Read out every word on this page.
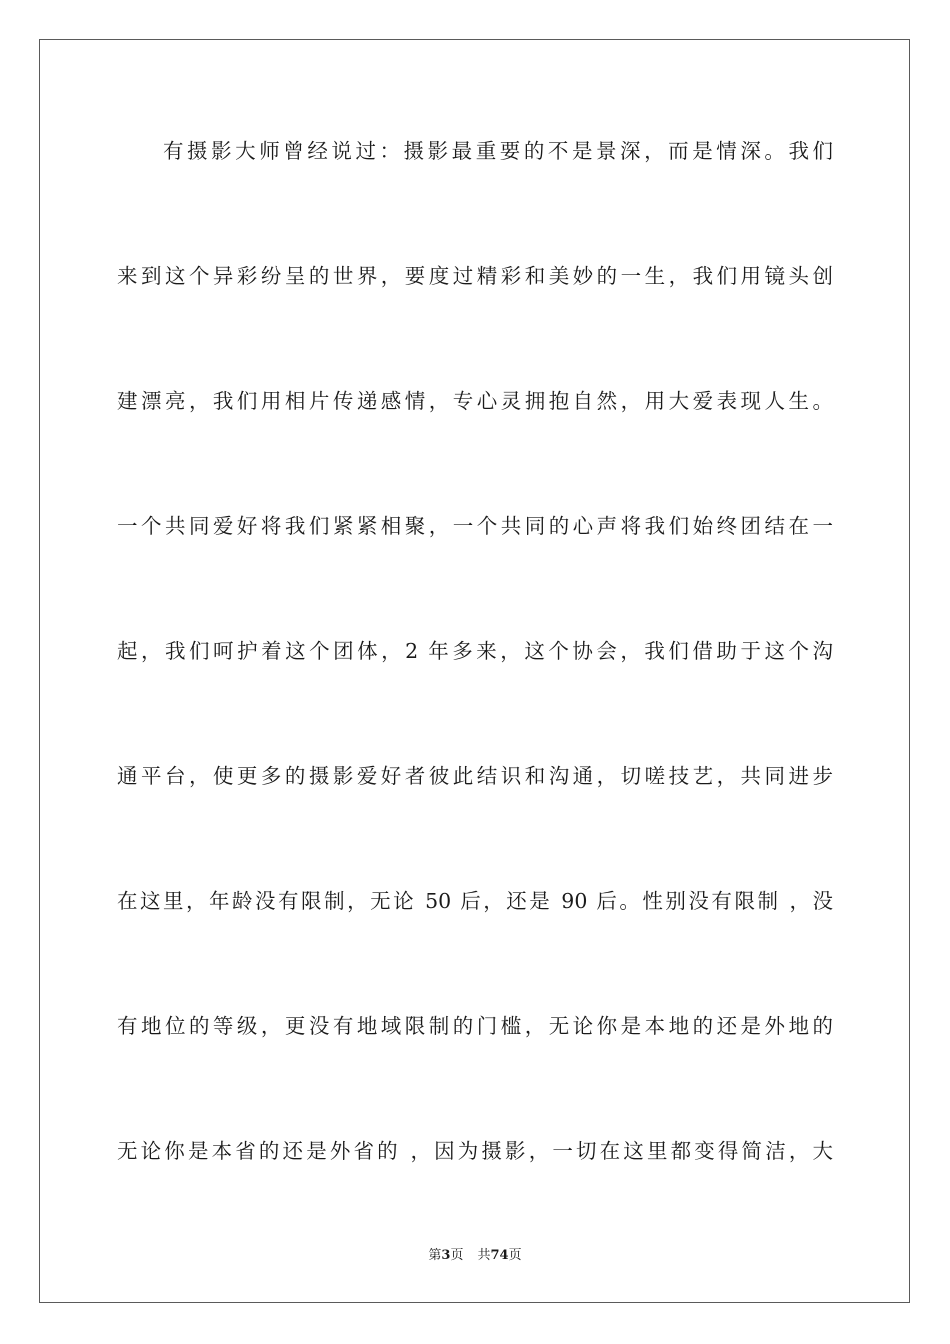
有摄影大师曾经说过：摄影最重要的不是景深，而是情深。我们
来到这个异彩纷呈的世界，要度过精彩和美妙的一生，我们用镜头创
建漂亮，我们用相片传递感情，专心灵拥抱自然，用大爱表现人生。
一个共同爱好将我们紧紧相聚，一个共同的心声将我们始终团结在一
起，我们呵护着这个团体，2 年多来，这个协会，我们借助于这个沟
通平台，使更多的摄影爱好者彼此结识和沟通，切嗟技艺，共同进步
在这里，年龄没有限制，无论 50 后，还是 90 后。性别没有限制 ，没
有地位的等级，更没有地域限制的门槛，无论你是本地的还是外地的
无论你是本省的还是外省的 ，因为摄影，一切在这里都变得简洁，大
第3页 共74页
